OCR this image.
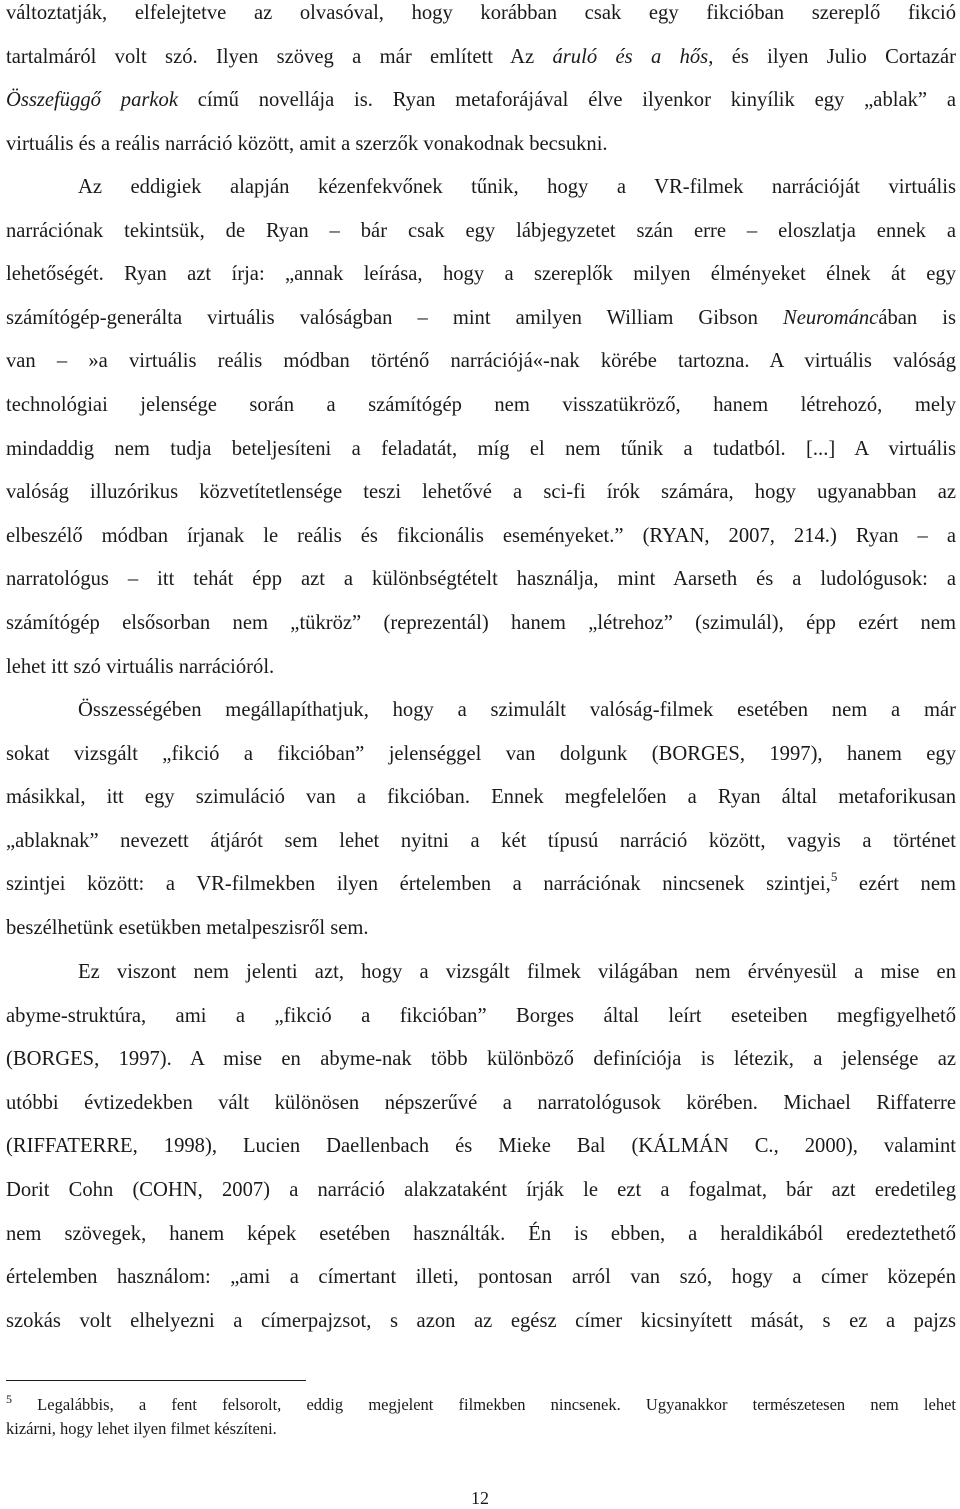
változtatják, elfelejtetve az olvasóval, hogy korábban csak egy fikcióban szereplő fikció
tartalmáról volt szó. Ilyen szöveg a már említett Az áruló és a hős, és ilyen Julio Cortazár
Összefüggő parkok című novellája is. Ryan metaforájával élve ilyenkor kinyílik egy „ablak” a
virtuális és a reális narráció között, amit a szerzők vonakodnak becsukni.
Az eddigiek alapján kézenfekvőnek tűnik, hogy a VR-filmek narrációját virtuális
narrációnak tekintsük, de Ryan – bár csak egy lábjegyzetet szán erre – eloszlatja ennek a
lehetőségét. Ryan azt írja: „annak leírása, hogy a szereplők milyen élményeket élnek át egy
számítógép-generálta virtuális valóságban – mint amilyen William Gibson Neurománcában is
van – »a virtuális reális módban történő narrációjá«-nak körébe tartozna. A virtuális valóság
technológiai jelensége során a számítógép nem visszatükröző, hanem létrehozó, mely
mindaddig nem tudja beteljesíteni a feladatát, míg el nem tűnik a tudatból. [...] A virtuális
valóság illuzórikus közvetítetlensége teszi lehetővé a sci-fi írók számára, hogy ugyanabban az
elbeszélő módban írjanak le reális és fikcionális eseményeket.” (RYAN, 2007, 214.) Ryan – a
narratológus – itt tehát épp azt a különbségtételt használja, mint Aarseth és a ludológusok: a
számítógép elsősorban nem „tükröz” (reprezentál) hanem „létrehoz” (szimulál), épp ezért nem
lehet itt szó virtuális narrációról.
Összességében megállapíthatjuk, hogy a szimulált valóság-filmek esetében nem a már
sokat vizsgált „fikció a fikcióban” jelenséggel van dolgunk (BORGES, 1997), hanem egy
másikkal, itt egy szimuláció van a fikcióban. Ennek megfelelően a Ryan által metaforikusan
„ablaknak” nevezett átjárót sem lehet nyitni a két típusú narráció között, vagyis a történet
szintjei között: a VR-filmekben ilyen értelemben a narrációnak nincsenek szintjei,$^5$ ezért nem
beszélhetünk esetükben metalpeszisről sem.
Ez viszont nem jelenti azt, hogy a vizsgált filmek világában nem érvényesül a mise en
abyme-struktúra, ami a „fikció a fikcióban” Borges által leírt eseteiben megfigyelhető
(BORGES, 1997). A mise en abyme-nak több különböző definíciója is létezik, a jelensége az
utóbbi évtizedekben vált különösen népszerűvé a narratológusok körében. Michael Riffaterre
(RIFFATERRE, 1998), Lucien Daellenbach és Mieke Bal (KÁLMÁN C., 2000), valamint
Dorit Cohn (COHN, 2007) a narráció alakzataként írják le ezt a fogalmat, bár azt eredetileg
nem szövegek, hanem képek esetében használták. Én is ebben, a heraldikából eredeztethető
értelemben használom: „ami a címertant illeti, pontosan arról van szó, hogy a címer közepén
szokás volt elhelyezni a címerpajzsot, s azon az egész címer kicsinyített mását, s ez a pajzs
$^5$ Legalábbis, a fent felsorolt, eddig megjelent filmekben nincsenek. Ugyanakkor természetesen nem lehet
kizárni, hogy lehet ilyen filmet készíteni.
12
